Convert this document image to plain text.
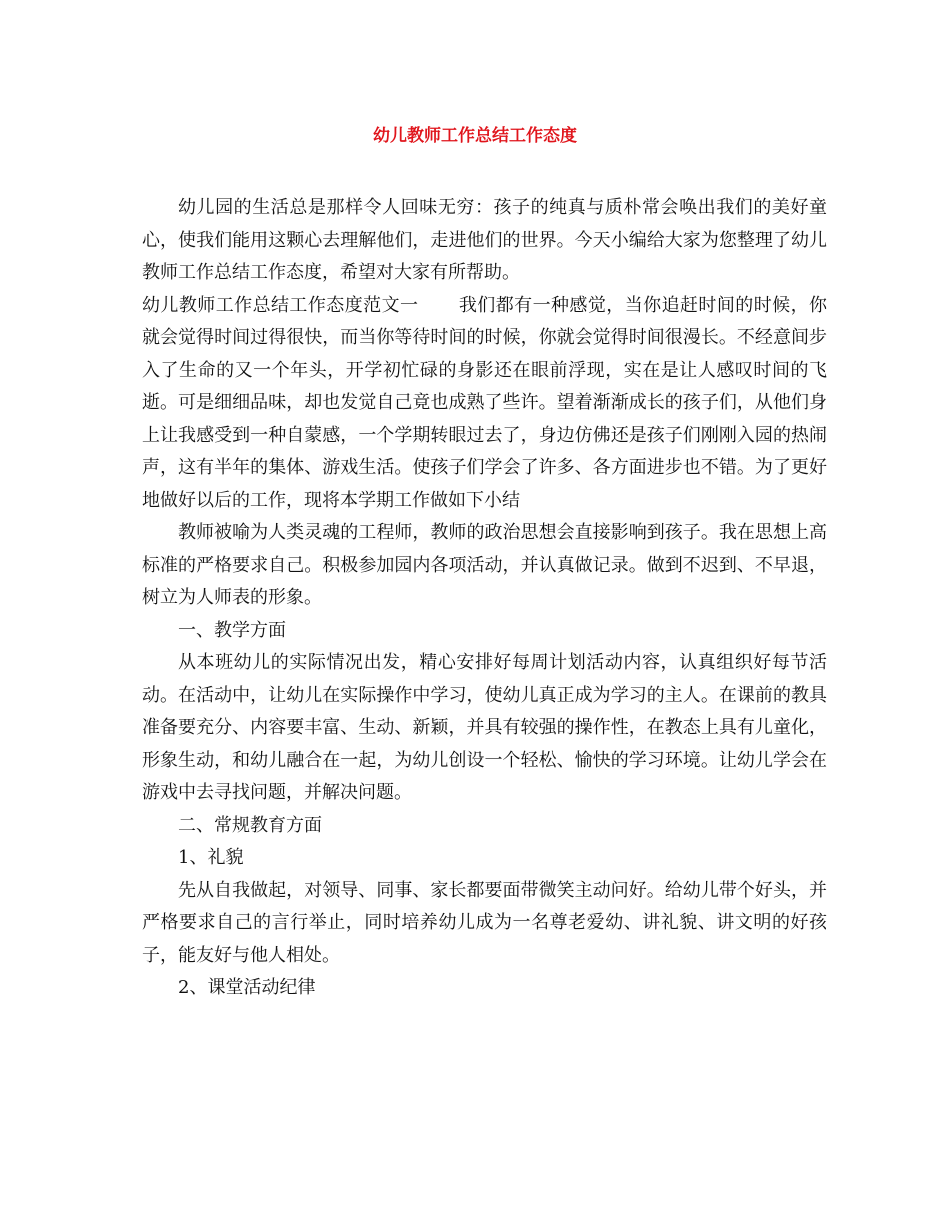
幼儿教师工作总结工作态度

幼儿园的生活总是那样令人回味无穷：孩子的纯真与质朴常会唤出我们的美好童心，使我们能用这颗心去理解他们，走进他们的世界。今天小编给大家为您整理了幼儿教师工作总结工作态度，希望对大家有所帮助。

幼儿教师工作总结工作态度范文一 我们都有一种感觉，当你追赶时间的时候，你就会觉得时间过得很快，而当你等待时间的时候，你就会觉得时间很漫长。不经意间步入了生命的又一个年头，开学初忙碌的身影还在眼前浮现，实在是让人感叹时间的飞逝。可是细细品味，却也发觉自己竟也成熟了些许。望着渐渐成长的孩子们，从他们身上让我感受到一种自蒙感，一个学期转眼过去了，身边仿佛还是孩子们刚刚入园的热闹声，这有半年的集体、游戏生活。使孩子们学会了许多、各方面进步也不错。为了更好地做好以后的工作，现将本学期工作做如下小结

教师被喻为人类灵魂的工程师，教师的政治思想会直接影响到孩子。我在思想上高标准的严格要求自己。积极参加园内各项活动，并认真做记录。做到不迟到、不早退，树立为人师表的形象。

一、教学方面

从本班幼儿的实际情况出发，精心安排好每周计划活动内容，认真组织好每节活动。在活动中，让幼儿在实际操作中学习，使幼儿真正成为学习的主人。在课前的教具准备要充分、内容要丰富、生动、新颖，并具有较强的操作性，在教态上具有儿童化，形象生动，和幼儿融合在一起，为幼儿创设一个轻松、愉快的学习环境。让幼儿学会在游戏中去寻找问题，并解决问题。

二、常规教育方面

1、礼貌

先从自我做起，对领导、同事、家长都要面带微笑主动问好。给幼儿带个好头，并严格要求自己的言行举止，同时培养幼儿成为一名尊老爱幼、讲礼貌、讲文明的好孩子，能友好与他人相处。

2、课堂活动纪律
